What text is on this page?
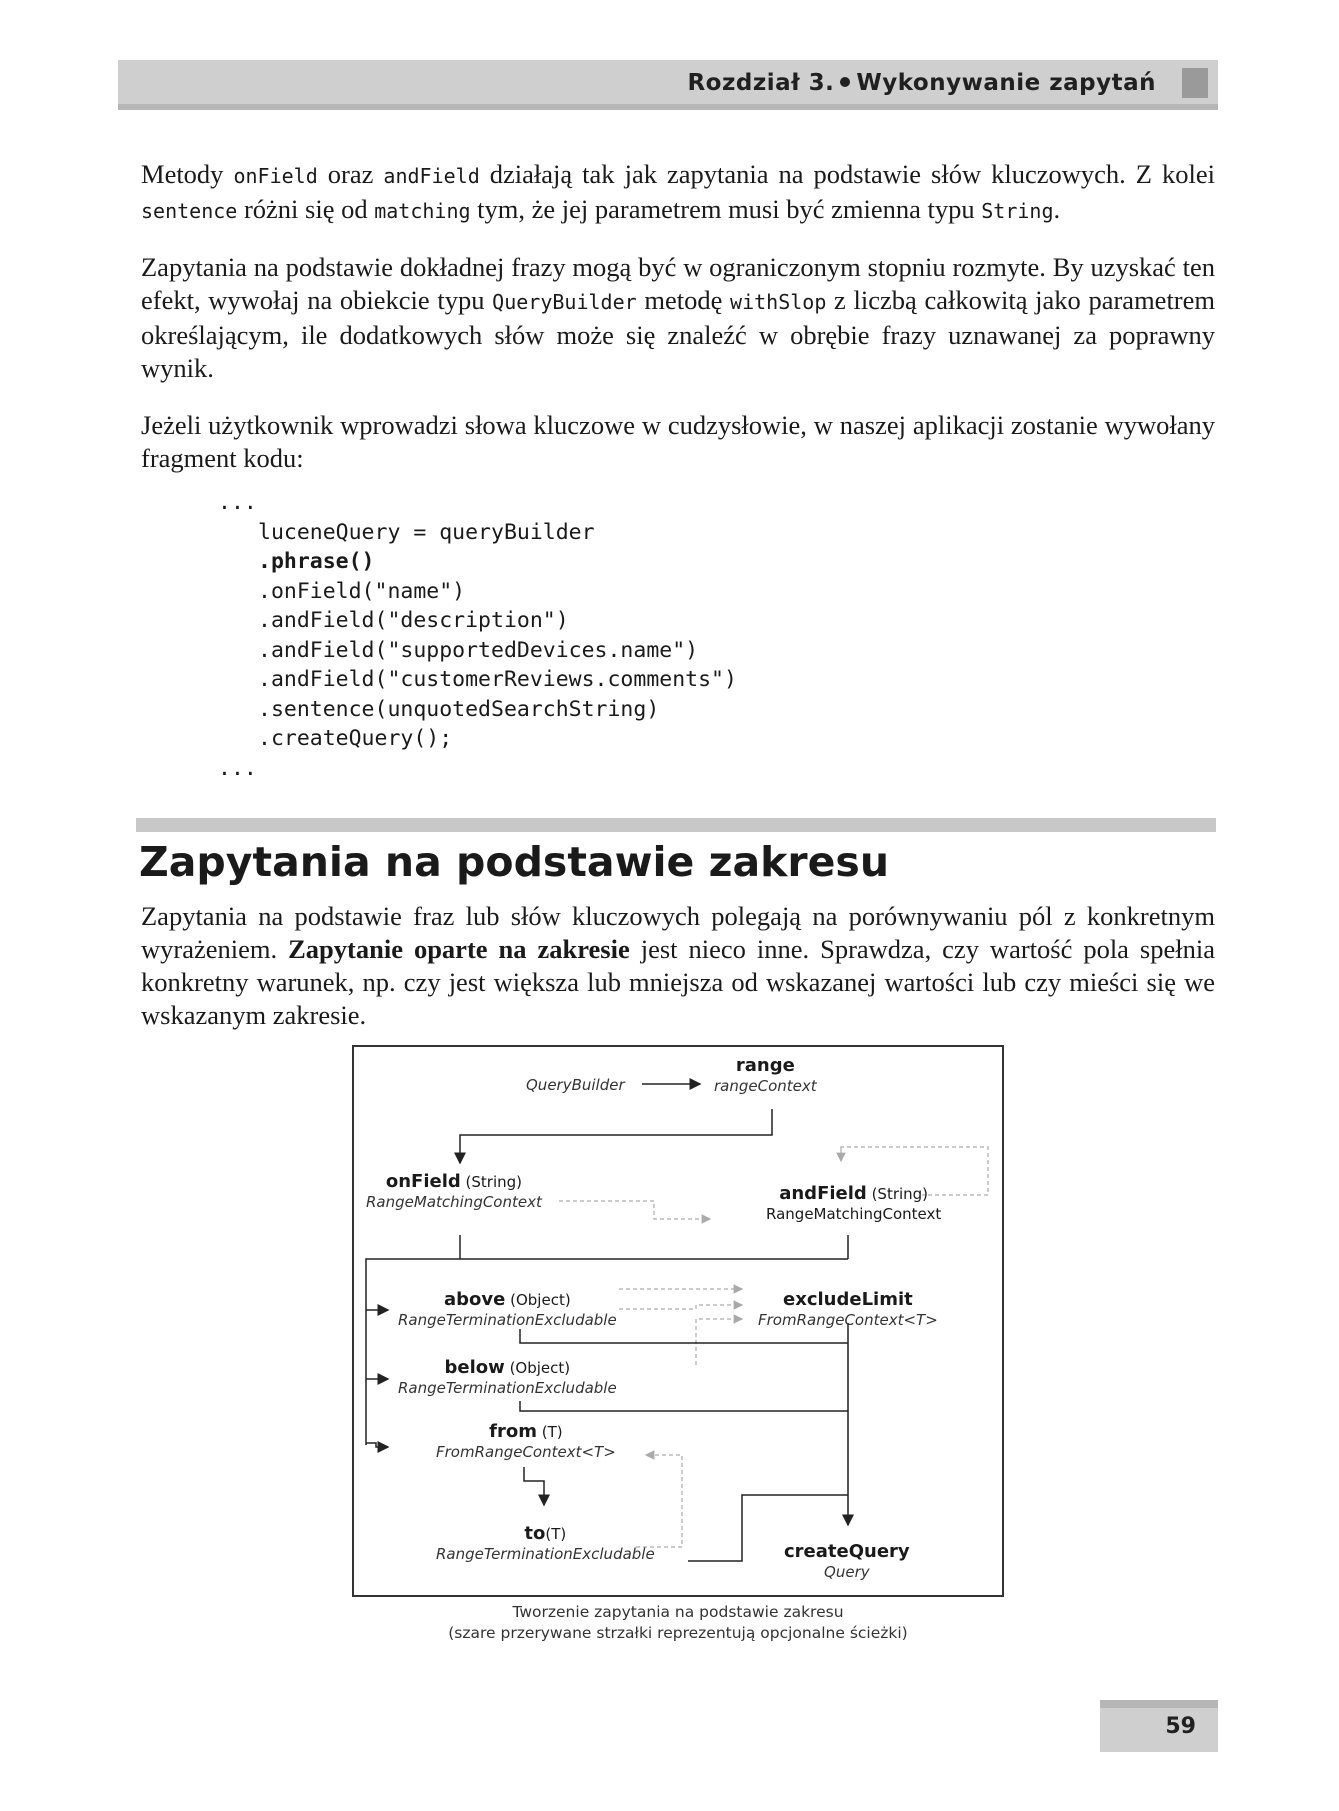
Rozdział 3. Wykonywanie zapytań
Metody onField oraz andField działają tak jak zapytania na podstawie słów kluczowych. Z kolei sentence różni się od matching tym, że jej parametrem musi być zmienna typu String.
Zapytania na podstawie dokładnej frazy mogą być w ograniczonym stopniu rozmyte. By uzyskać ten efekt, wywołaj na obiekcie typu QueryBuilder metodę withSlop z liczbą całkowitą jako parametrem określającym, ile dodatkowych słów może się znaleźć w obrębie frazy uznawanej za poprawny wynik.
Jeżeli użytkownik wprowadzi słowa kluczowe w cudzysłowie, w naszej aplikacji zostanie wywołany fragment kodu:
...
lucеneQuery = queryBuilder
.phrase()
.onField("name")
.andField("description")
.andField("supportedDevices.name")
.andField("customerReviews.comments")
.sentence(unquotedSearchString)
.createQuery();
...
Zapytania na podstawie zakresu
Zapytania na podstawie fraz lub słów kluczowych polegają na porównywaniu pól z konkretnym wyrażeniem. Zapytanie oparte na zakresie jest nieco inne. Sprawdza, czy wartość pola spełnia konkretny warunek, np. czy jest większa lub mniejsza od wskazanej wartości lub czy mieści się we wskazanym zakresie.
QueryBuilder
range
rangeContext
onField (String)
RangeMatchingContext	andField (String)
RangeMatchingContext
above (Object)
RangeTerminationExcludable
excludeLimit
FromRangeContext<T>
below (Object)
RangeTerminationExcludable
from (T)
FromRangeContext<T>
to(T)
RangeTerminationExcludable	createQuery
Query
Tworzenie zapytania na podstawie zakresu
(szare przerywane strzałki reprezentują opcjonalne ścieżki)
59
